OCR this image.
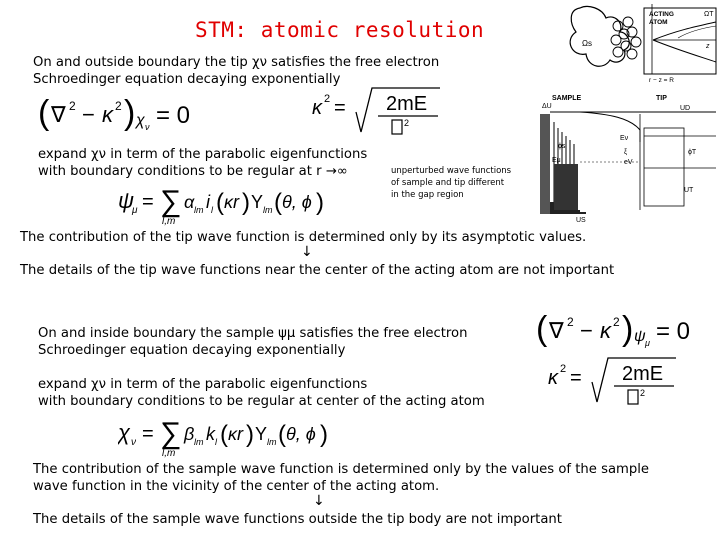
STM: atomic resolution
On and outside boundary the tip χν satisfies the free electron
Schroedinger equation decaying exponentially
( ∇ 2 − κ 2 ) χ ν = 0	κ 2 = 2mE
2
expand χν in term of the parabolic eigenfunctions
with boundary conditions to be regular at r →∞
ψ
μ = ∑
l,m
α lm i l ( κr ) Y lm ( θ, ϕ )
unperturbed wave functions
of sample and tip different
in the gap region
Ωs
ACTING
ATOM
ΩT
z
r − z = R
SAMPLE	TIP
UD
ϕT
UT
Eν
ϕs
Eμ
ΔU
eV
ξ
US
The contribution of the tip wave function is determined only by its asymptotic values.
↓
The details of the tip wave functions near the center of the acting atom are not important
On and inside boundary the sample ψμ satisfies the free electron
Schroedinger equation decaying exponentially
( ∇ 2 − κ 2 ) ψ μ = 0
κ 2 = 2mE
2
expand χν in term of the parabolic eigenfunctions
with boundary conditions to be regular at center of the acting atom
χ ν = ∑
l,m
β lm k l ( κr ) Y lm ( θ, ϕ )
The contribution of the sample wave function is determined only by the values of the sample
wave function in the vicinity of the center of the acting atom.
↓
The details of the sample wave functions outside the tip body are not important
